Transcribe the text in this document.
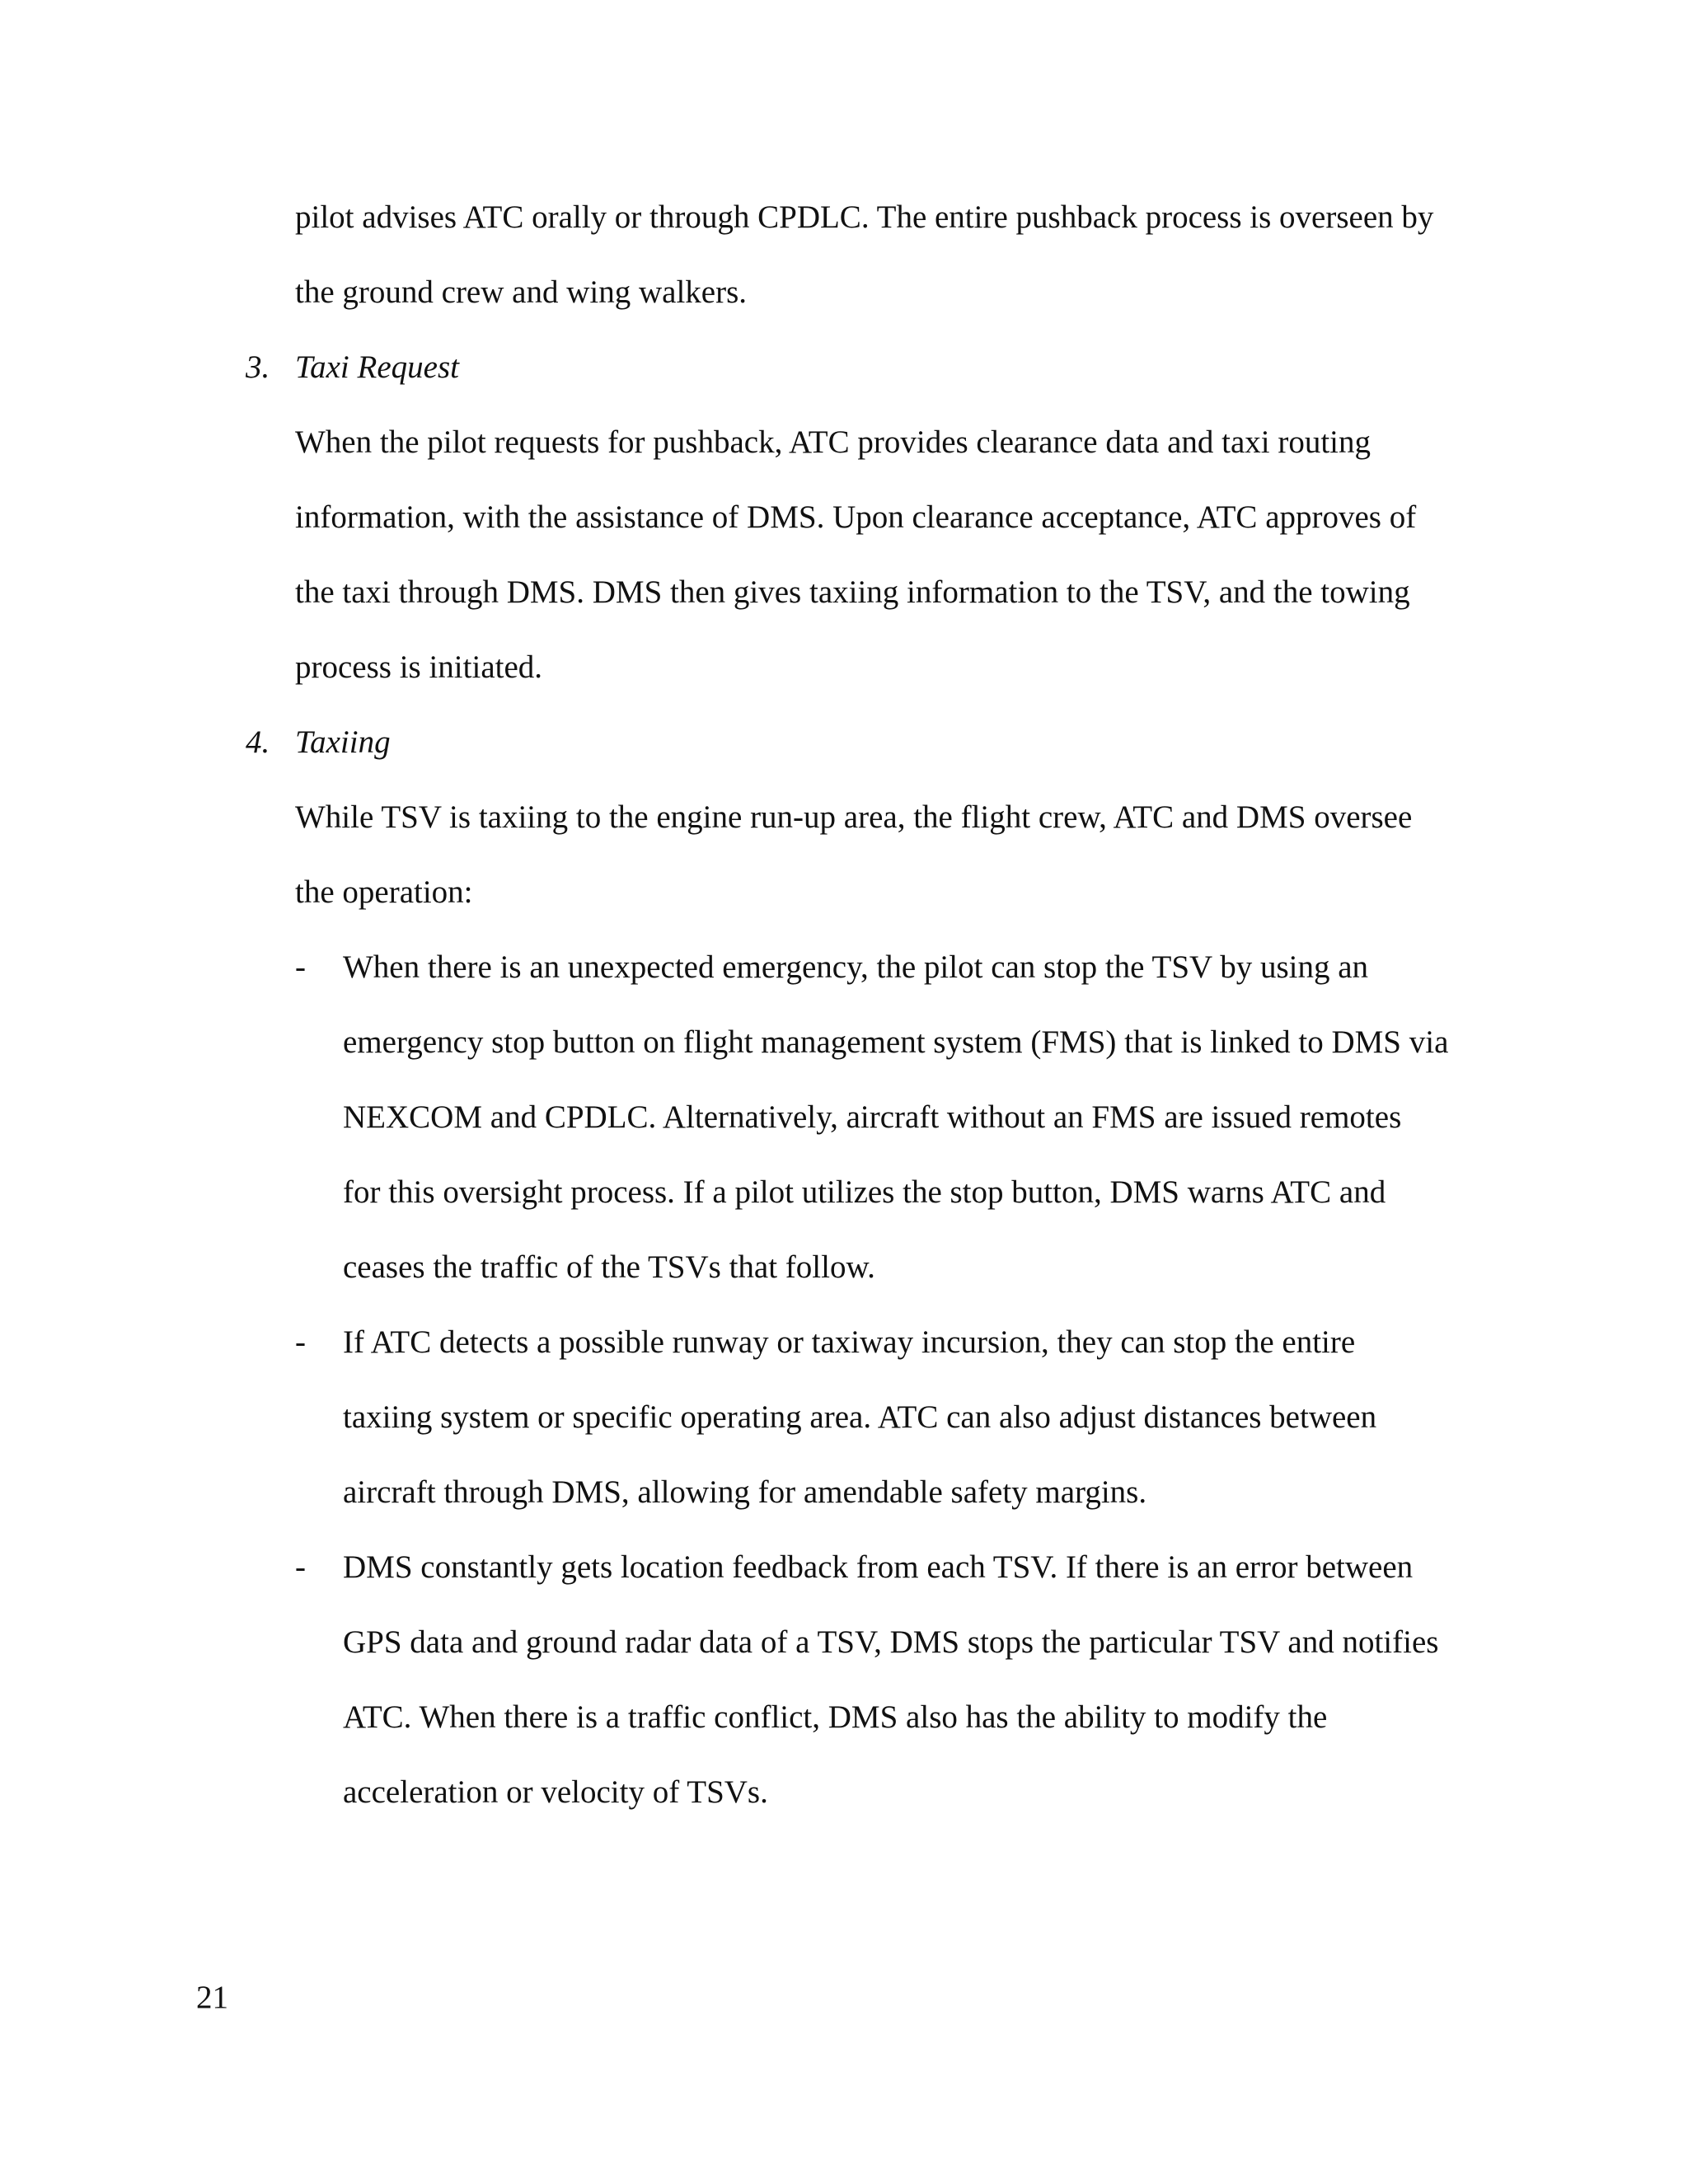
pilot advises ATC orally or through CPDLC. The entire pushback process is overseen by
the ground crew and wing walkers.
3. Taxi Request
When the pilot requests for pushback, ATC provides clearance data and taxi routing
information, with the assistance of DMS. Upon clearance acceptance, ATC approves of
the taxi through DMS. DMS then gives taxiing information to the TSV, and the towing
process is initiated.
4. Taxiing
While TSV is taxiing to the engine run-up area, the flight crew, ATC and DMS oversee
the operation:
- When there is an unexpected emergency, the pilot can stop the TSV by using an
emergency stop button on flight management system (FMS) that is linked to DMS via
NEXCOM and CPDLC. Alternatively, aircraft without an FMS are issued remotes
for this oversight process. If a pilot utilizes the stop button, DMS warns ATC and
ceases the traffic of the TSVs that follow.
- If ATC detects a possible runway or taxiway incursion, they can stop the entire
taxiing system or specific operating area. ATC can also adjust distances between
aircraft through DMS, allowing for amendable safety margins.
- DMS constantly gets location feedback from each TSV. If there is an error between
GPS data and ground radar data of a TSV, DMS stops the particular TSV and notifies
ATC. When there is a traffic conflict, DMS also has the ability to modify the
acceleration or velocity of TSVs.
21
